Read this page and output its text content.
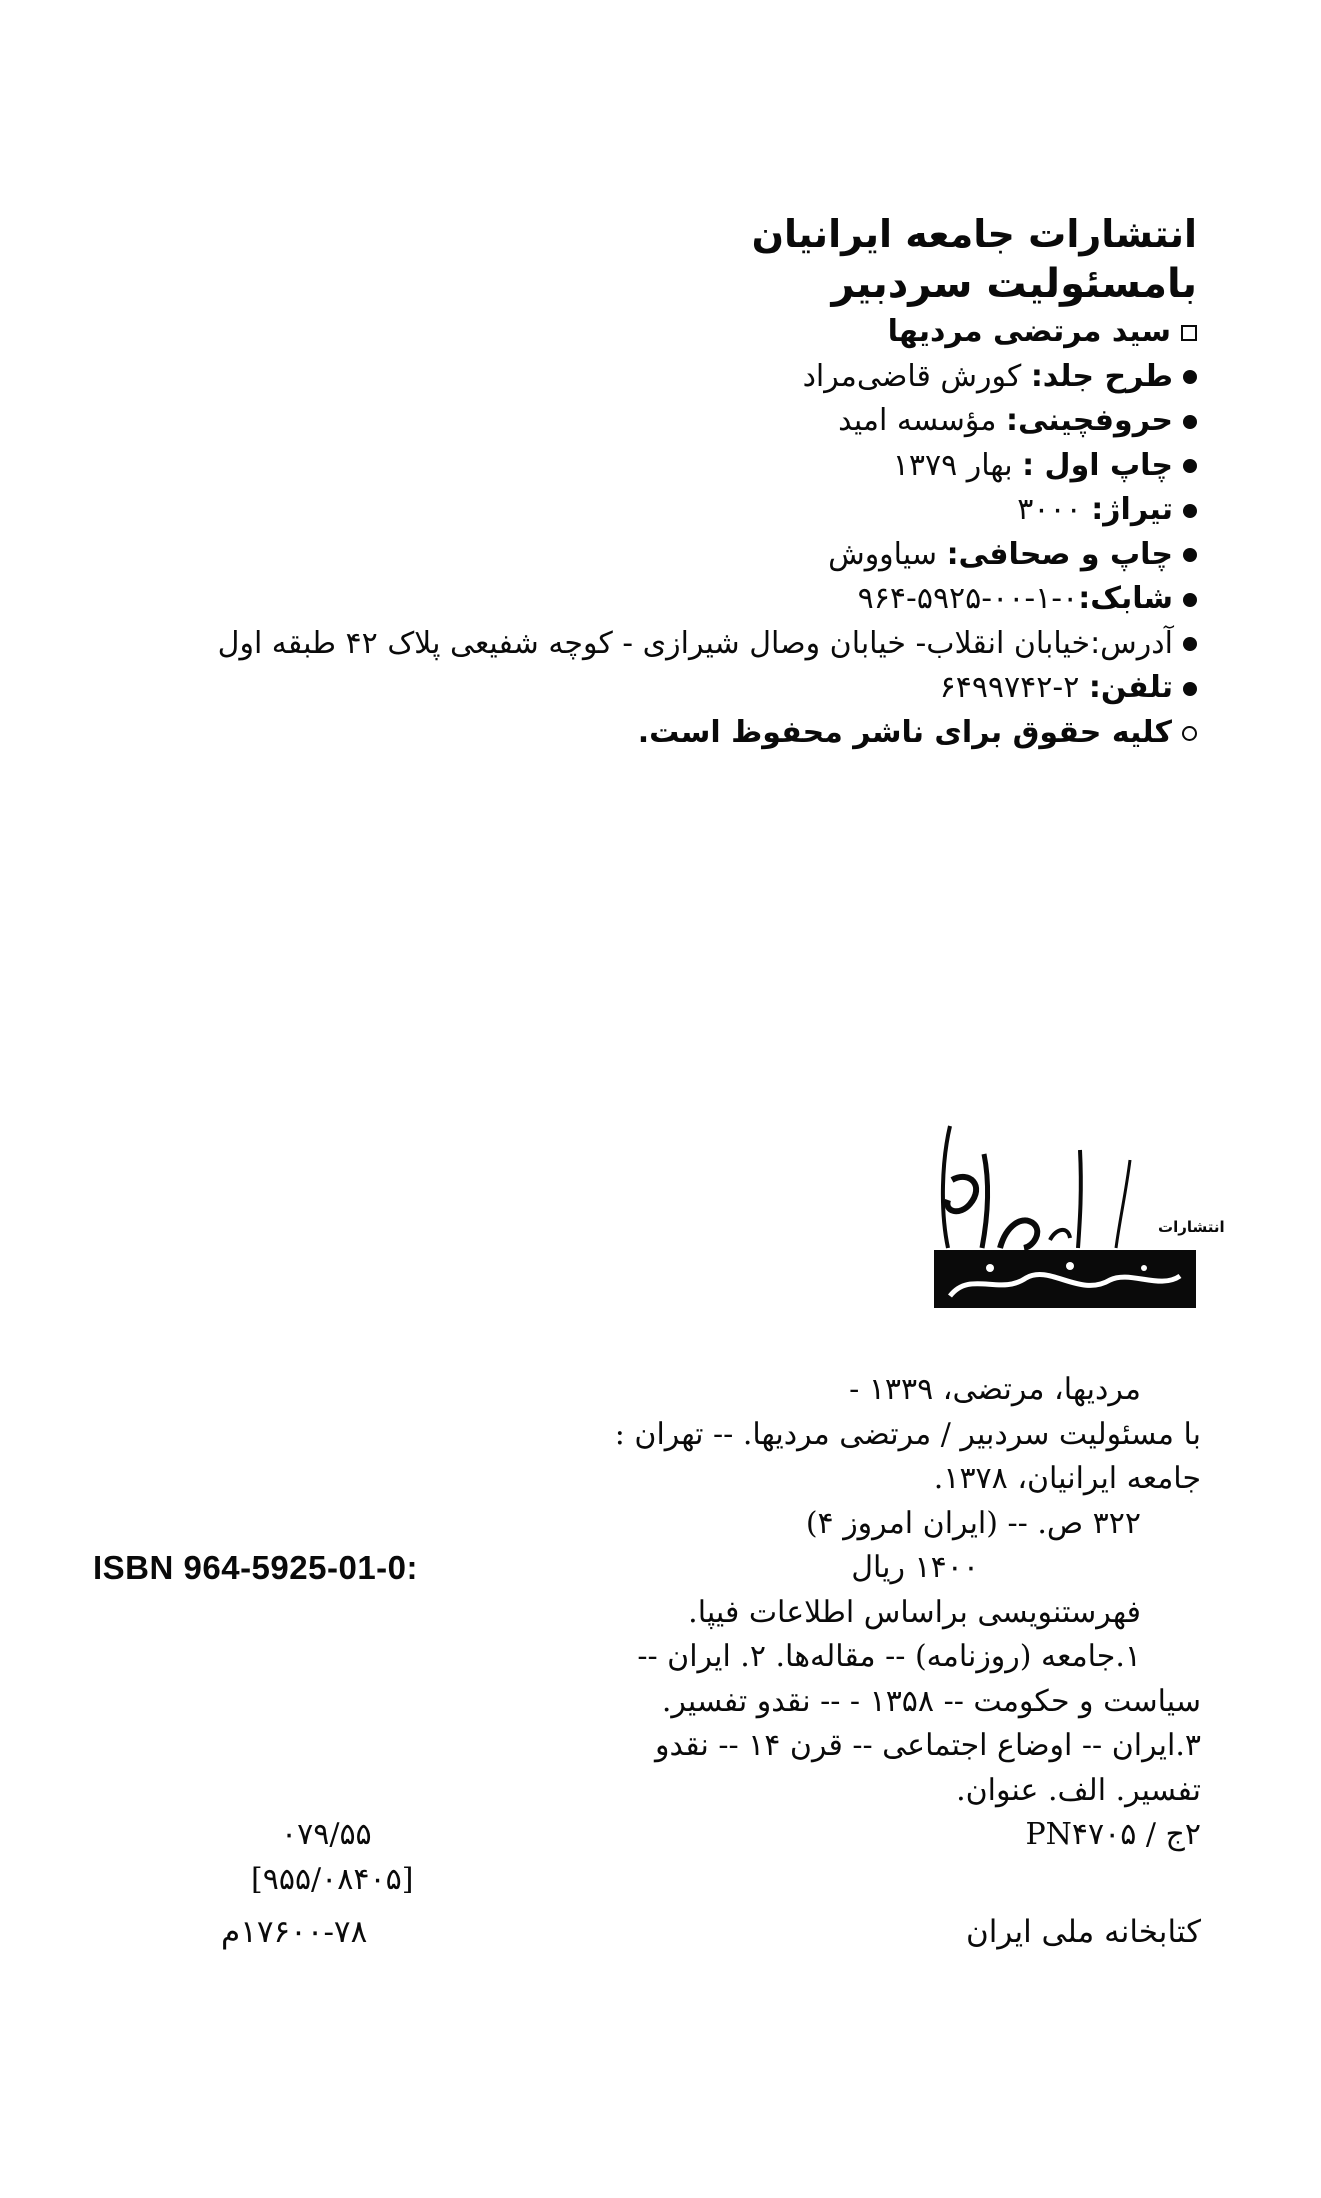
انتشارات جامعه ایرانیان
بامسئولیت سردبیر
سید مرتضی مردیها
طرح جلد: کورش قاضی‌مراد
حروفچینی: مؤسسه امید
چاپ اول : بهار ۱۳۷۹
تیراژ: ۳۰۰۰
چاپ و صحافی: سیاووش
شابک:۰-۱-۰۰-۵۹۲۵-۹۶۴
آدرس:خیابان انقلاب- خیابان وصال شیرازی - کوچه شفیعی پلاک ۴۲ طبقه اول
تلفن: ۲-۶۴۹۹۷۴۲
کلیه حقوق برای ناشر محفوظ است.
انتشارات
مردیها، مرتضی، ۱۳۳۹ -
با مسئولیت سردبیر / مرتضی مردیها. -- تهران :
جامعه ایرانیان، ۱۳۷۸.
۳۲۲ ص. -- (ایران امروز ۴)
۱۴۰۰ ریال
ISBN 964-5925-01-0:
فهرستنویسی براساس اطلاعات فیپا.
۱.جامعه (روزنامه) -- مقاله‌ها. ۲. ایران --
سیاست و حکومت -- ۱۳۵۸ - -- نقدو تفسیر.
۳.ایران -- اوضاع اجتماعی -- قرن ۱۴ -- نقدو
تفسیر. الف. عنوان.
۲ج / PN۴۷۰۵
۰۷۹/۵۵
[۹۵۵/۰۸۴۰۵]
کتابخانه ملی ایران
۱۷۶۰۰-۷۸م
